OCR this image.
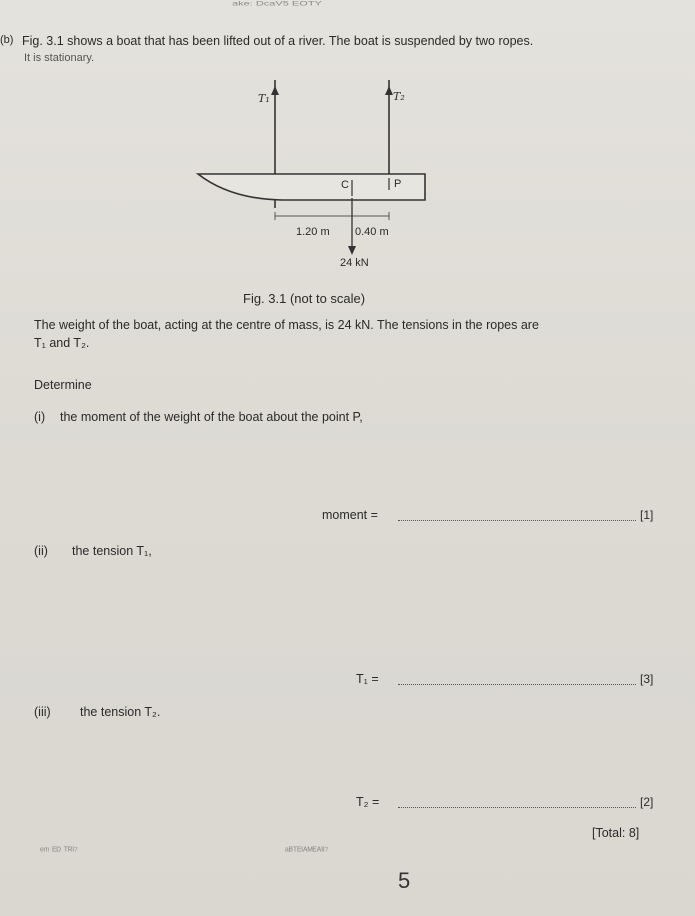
ake: DcaV5 EOTY
(b) Fig. 3.1 shows a boat that has been lifted out of a river. The boat is suspended by two ropes.
It is stationary.
T₁	T₂
C	P
1.20 m 0.40 m
24 kN
Fig. 3.1 (not to scale)
The weight of the boat, acting at the centre of mass, is 24 kN. The tensions in the ropes are
T₁ and T₂.
Determine
(i) the moment of the weight of the boat about the point P,
moment =	[1]
(ii) the tension T₁,
T₁ =	[3]
(iii) the tension T₂.
T₂ =	[2]
[Total: 8]
ᵉᵐ ᴱᴰ ᵀᴿᴵ⁷	ᵃᴮᵀᴱᴵᴬᴹᴱᴬᴵᴵ⁷
5
